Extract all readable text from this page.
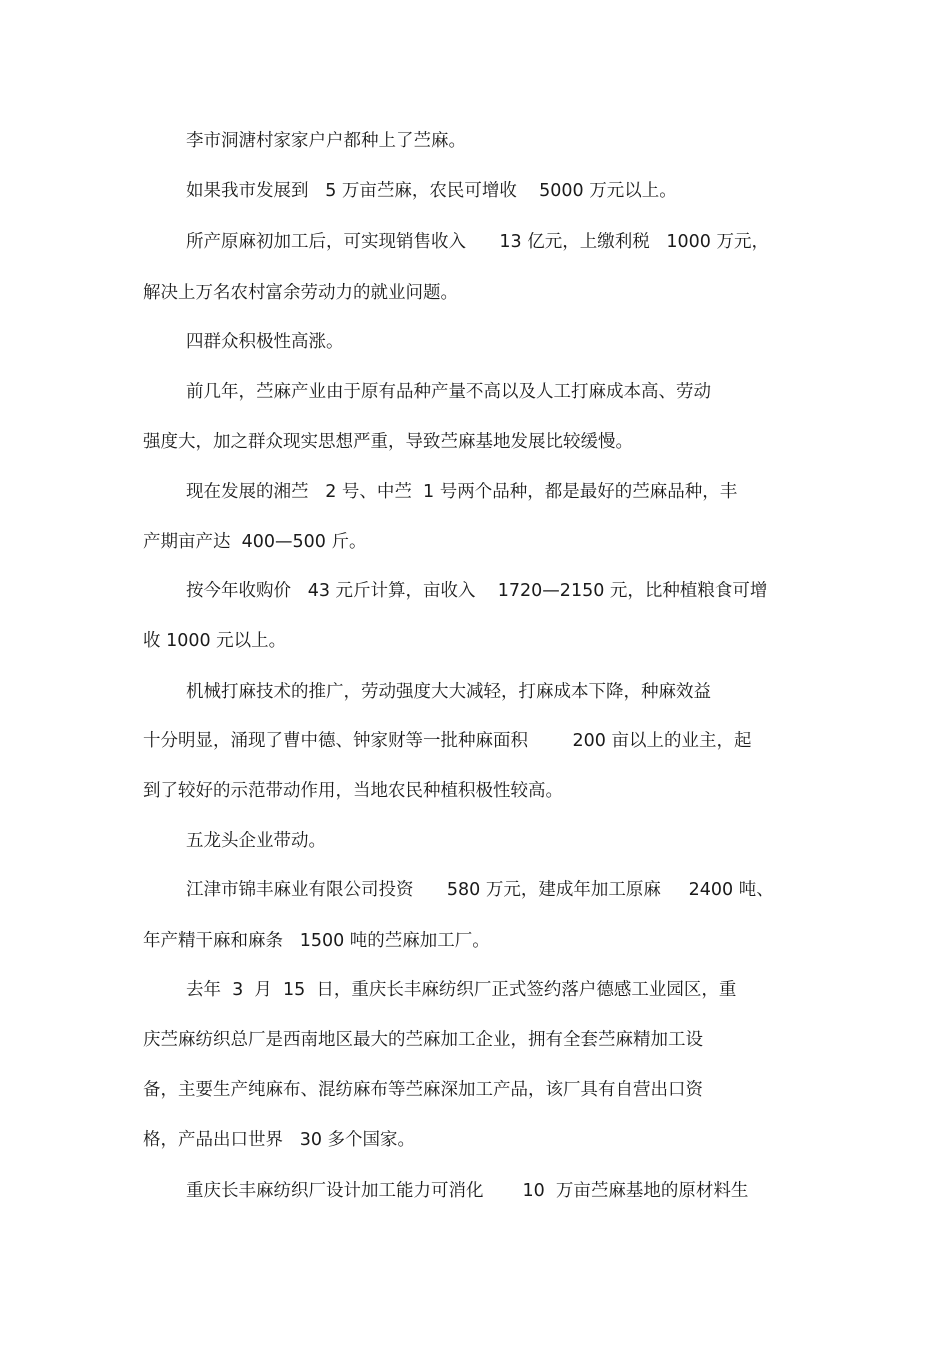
李市洞溏村家家户户都种上了苎麻。
如果我市发展到   5 万亩苎麻，农民可增收    5000 万元以上。
所产原麻初加工后，可实现销售收入      13 亿元，上缴利税   1000 万元，
解决上万名农村富余劳动力的就业问题。
四群众积极性高涨。
前几年，苎麻产业由于原有品种产量不高以及人工打麻成本高、劳动
强度大，加之群众现实思想严重，导致苎麻基地发展比较缓慢。
现在发展的湘苎   2 号、中苎  1 号两个品种，都是最好的苎麻品种，丰
产期亩产达  400—500 斤。
按今年收购价   43 元斤计算，亩收入    1720—2150 元，比种植粮食可增
收 1000 元以上。
机械打麻技术的推广，劳动强度大大减轻，打麻成本下降，种麻效益
十分明显，涌现了曹中德、钟家财等一批种麻面积        200 亩以上的业主，起
到了较好的示范带动作用，当地农民种植积极性较高。
五龙头企业带动。
江津市锦丰麻业有限公司投资      580 万元，建成年加工原麻     2400 吨、
年产精干麻和麻条   1500 吨的苎麻加工厂。
去年  3  月  15  日，重庆长丰麻纺织厂正式签约落户德感工业园区，重
庆苎麻纺织总厂是西南地区最大的苎麻加工企业，拥有全套苎麻精加工设
备，主要生产纯麻布、混纺麻布等苎麻深加工产品，该厂具有自营出口资
格，产品出口世界   30 多个国家。
重庆长丰麻纺织厂设计加工能力可消化       10  万亩苎麻基地的原材料生
